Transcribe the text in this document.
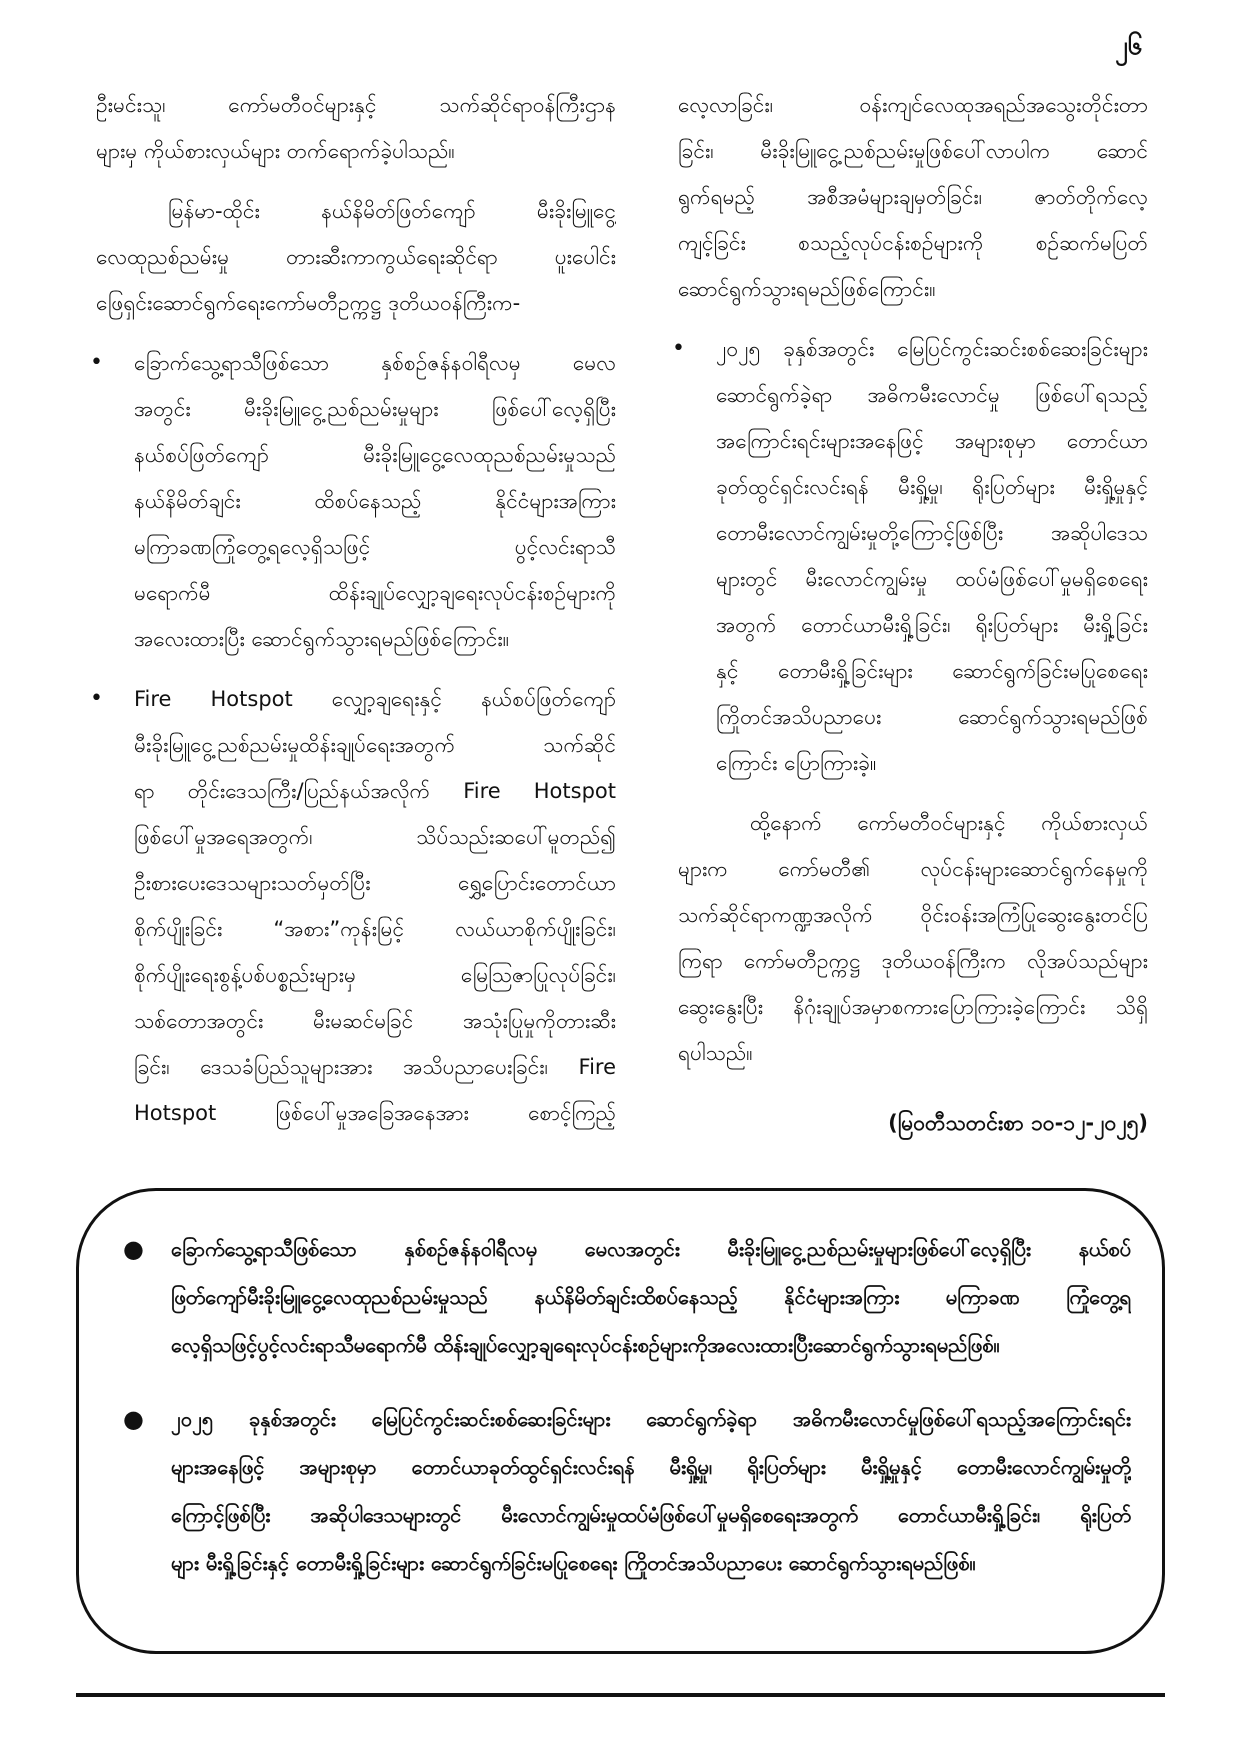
၂၆
ဦးမင်းသူ၊ ကော်မတီဝင်များနှင့် သက်ဆိုင်ရာဝန်ကြီးဌာန
များမှ ကိုယ်စားလှယ်များ တက်ရောက်ခဲ့ပါသည်။
မြန်မာ-ထိုင်း နယ်နိမိတ်ဖြတ်ကျော် မီးခိုးမြူငွေ့
လေထုညစ်ညမ်းမှု တားဆီးကာကွယ်ရေးဆိုင်ရာ ပူးပေါင်း
ဖြေရှင်းဆောင်ရွက်ရေးကော်မတီဥက္ကဋ္ဌ ဒုတိယဝန်ကြီးက-
• ခြောက်သွေ့ရာသီဖြစ်သော နှစ်စဉ်ဇန်နဝါရီလမှ မေလ
အတွင်း မီးခိုးမြူငွေ့ညစ်ညမ်းမှုများ ဖြစ်ပေါ်လေ့ရှိပြီး
နယ်စပ်ဖြတ်ကျော် မီးခိုးမြူငွေ့လေထုညစ်ညမ်းမှုသည်
နယ်နိမိတ်ချင်း ထိစပ်နေသည့် နိုင်ငံများအကြား
မကြာခဏကြုံတွေ့ရလေ့ရှိသဖြင့် ပွင့်လင်းရာသီ
မရောက်မီ ထိန်းချုပ်လျှော့ချရေးလုပ်ငန်းစဉ်များကို
အလေးထားပြီး ဆောင်ရွက်သွားရမည်ဖြစ်ကြောင်း။
• Fire Hotspot လျှော့ချရေးနှင့် နယ်စပ်ဖြတ်ကျော်
မီးခိုးမြူငွေ့ညစ်ညမ်းမှုထိန်းချုပ်ရေးအတွက် သက်ဆိုင်
ရာ တိုင်းဒေသကြီး/ပြည်နယ်အလိုက် Fire Hotspot
ဖြစ်ပေါ်မှုအရေအတွက်၊ သိပ်သည်းဆပေါ်မူတည်၍
ဦးစားပေးဒေသများသတ်မှတ်ပြီး ရွှေ့ပြောင်းတောင်ယာ
စိုက်ပျိုးခြင်း “အစား”ကုန်းမြင့် လယ်ယာစိုက်ပျိုးခြင်း၊
စိုက်ပျိုးရေးစွန့်ပစ်ပစ္စည်းများမှ မြေသြဇာပြုလုပ်ခြင်း၊
သစ်တောအတွင်း မီးမဆင်မခြင် အသုံးပြုမှုကိုတားဆီး
ခြင်း၊ ဒေသခံပြည်သူများအား အသိပညာပေးခြင်း၊ Fire
Hotspot ဖြစ်ပေါ်မှုအခြေအနေအား စောင့်ကြည့်
လေ့လာခြင်း၊ ဝန်းကျင်လေထုအရည်အသွေးတိုင်းတာ
ခြင်း၊ မီးခိုးမြူငွေ့ညစ်ညမ်းမှုဖြစ်ပေါ်လာပါက ဆောင်
ရွက်ရမည့် အစီအမံများချမှတ်ခြင်း၊ ဇာတ်တိုက်လေ့
ကျင့်ခြင်း စသည့်လုပ်ငန်းစဉ်များကို စဉ်ဆက်မပြတ်
ဆောင်ရွက်သွားရမည်ဖြစ်ကြောင်း။
• ၂၀၂၅ ခုနှစ်အတွင်း မြေပြင်ကွင်းဆင်းစစ်ဆေးခြင်းများ
ဆောင်ရွက်ခဲ့ရာ အဓိကမီးလောင်မှု ဖြစ်ပေါ်ရသည့်
အကြောင်းရင်းများအနေဖြင့် အများစုမှာ တောင်ယာ
ခုတ်ထွင်ရှင်းလင်းရန် မီးရှို့မှု၊ ရိုးပြတ်များ မီးရှို့မှုနှင့်
တောမီးလောင်ကျွမ်းမှုတို့ကြောင့်ဖြစ်ပြီး အဆိုပါဒေသ
များတွင် မီးလောင်ကျွမ်းမှု ထပ်မံဖြစ်ပေါ်မှုမရှိစေရေး
အတွက် တောင်ယာမီးရှို့ခြင်း၊ ရိုးပြတ်များ မီးရှို့ခြင်း
နှင့် တောမီးရှို့ခြင်းများ ဆောင်ရွက်ခြင်းမပြုစေရေး
ကြိုတင်အသိပညာပေး ဆောင်ရွက်သွားရမည်ဖြစ်
ကြောင်း ပြောကြားခဲ့။
ထို့နောက် ကော်မတီဝင်များနှင့် ကိုယ်စားလှယ်
များက ကော်မတီ၏ လုပ်ငန်းများဆောင်ရွက်နေမှုကို
သက်ဆိုင်ရာကဏ္ဍအလိုက် ဝိုင်းဝန်းအကြံပြုဆွေးနွေးတင်ပြ
ကြရာ ကော်မတီဥက္ကဋ္ဌ ဒုတိယဝန်ကြီးက လိုအပ်သည်များ
ဆွေးနွေးပြီး နိဂုံးချုပ်အမှာစကားပြောကြားခဲ့ကြောင်း သိရှိ
ရပါသည်။
(မြဝတီသတင်းစာ ၁၀-၁၂-၂၀၂၅)
●	ခြောက်သွေ့ရာသီဖြစ်သော နှစ်စဉ်ဇန်နဝါရီလမှ မေလအတွင်း မီးခိုးမြူငွေ့ညစ်ညမ်းမှုများဖြစ်ပေါ်လေ့ရှိပြီး နယ်စပ်
ဖြတ်ကျော်မီးခိုးမြူငွေ့လေထုညစ်ညမ်းမှုသည် နယ်နိမိတ်ချင်းထိစပ်နေသည့် နိုင်ငံများအကြား မကြာခဏ ကြုံတွေ့ရ
လေ့ရှိသဖြင့်ပွင့်လင်းရာသီမရောက်မီ ထိန်းချုပ်လျှော့ချရေးလုပ်ငန်းစဉ်များကိုအလေးထားပြီးဆောင်ရွက်သွားရမည်ဖြစ်။
●	၂၀၂၅ ခုနှစ်အတွင်း မြေပြင်ကွင်းဆင်းစစ်ဆေးခြင်းများ ဆောင်ရွက်ခဲ့ရာ အဓိကမီးလောင်မှုဖြစ်ပေါ်ရသည့်အကြောင်းရင်း
များအနေဖြင့် အများစုမှာ တောင်ယာခုတ်ထွင်ရှင်းလင်းရန် မီးရှို့မှု၊ ရိုးပြတ်များ မီးရှို့မှုနှင့် တောမီးလောင်ကျွမ်းမှုတို့
ကြောင့်ဖြစ်ပြီး အဆိုပါဒေသများတွင် မီးလောင်ကျွမ်းမှုထပ်မံဖြစ်ပေါ်မှုမရှိစေရေးအတွက် တောင်ယာမီးရှို့ခြင်း၊ ရိုးပြတ်
များ မီးရှို့ခြင်းနှင့် တောမီးရှို့ခြင်းများ ဆောင်ရွက်ခြင်းမပြုစေရေး ကြိုတင်အသိပညာပေး ဆောင်ရွက်သွားရမည်ဖြစ်။
